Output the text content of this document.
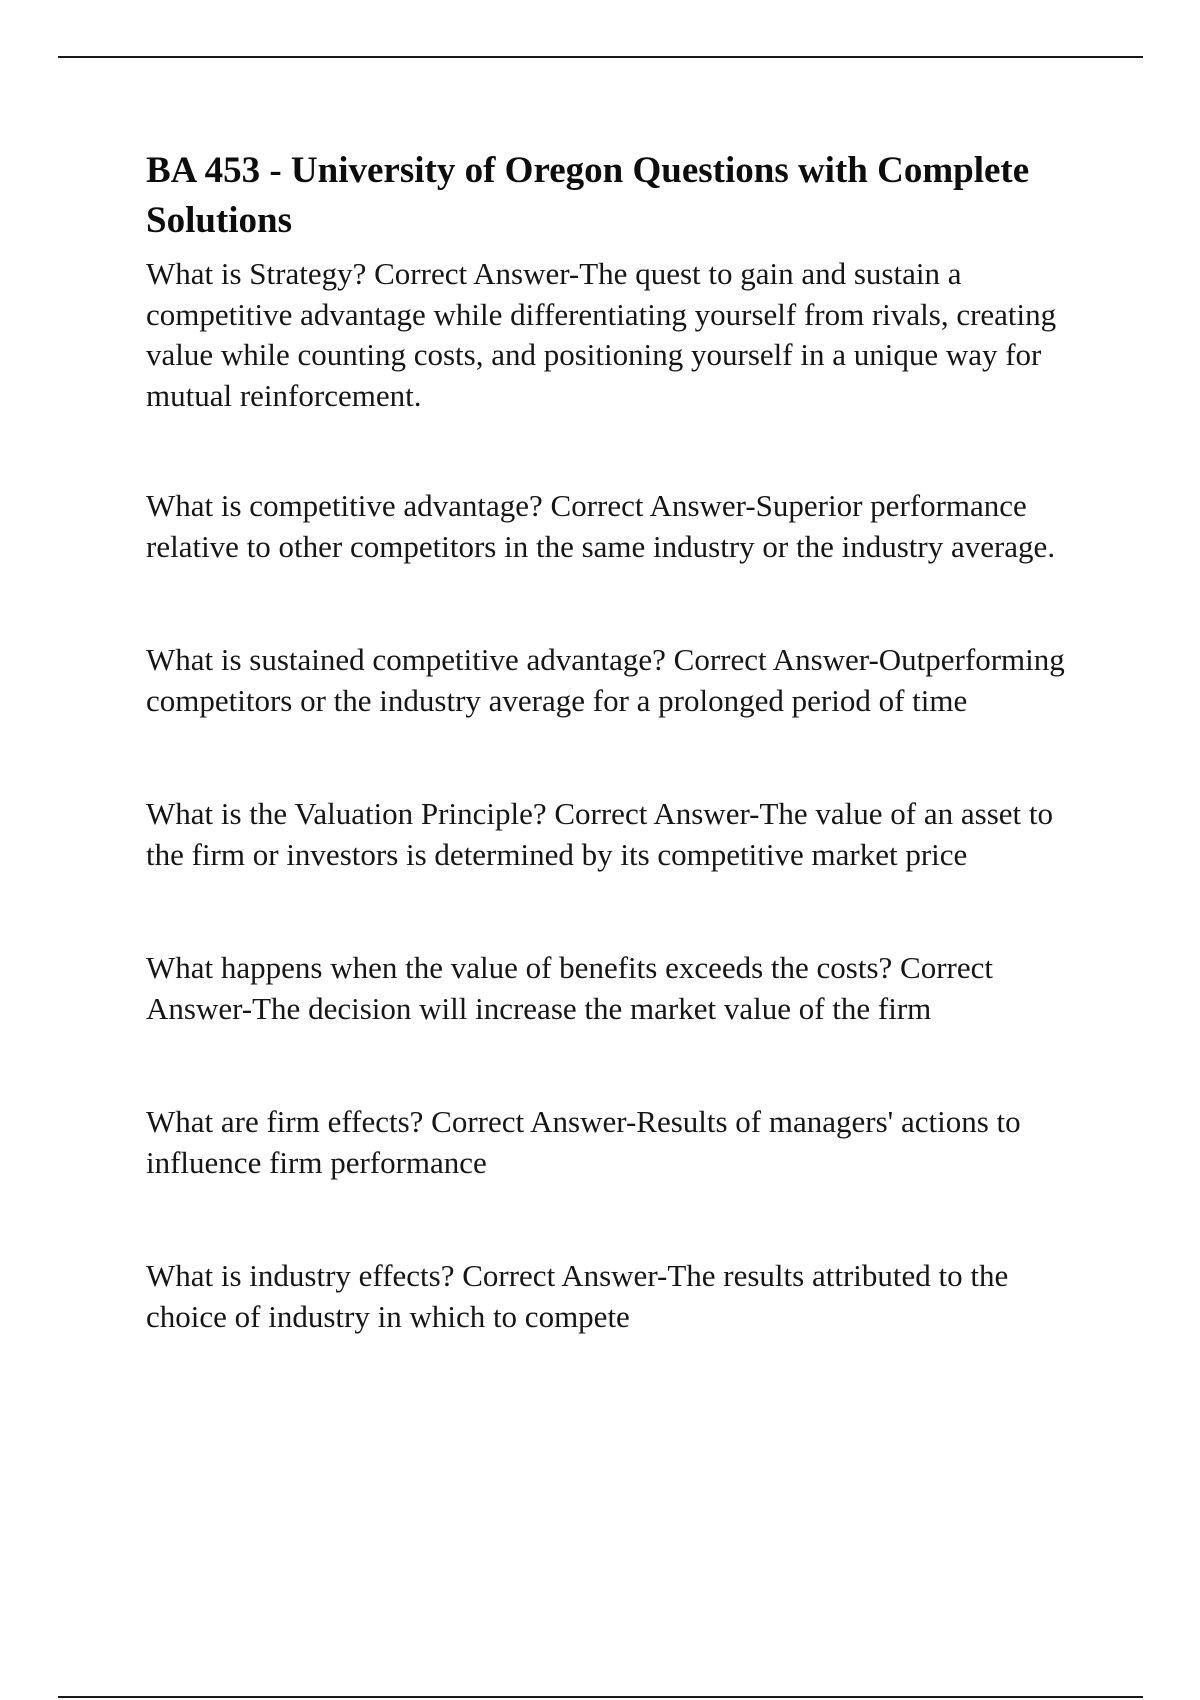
BA 453 - University of Oregon Questions with Complete Solutions

What is Strategy? Correct Answer-The quest to gain and sustain a competitive advantage while differentiating yourself from rivals, creating value while counting costs, and positioning yourself in a unique way for mutual reinforcement.

What is competitive advantage? Correct Answer-Superior performance relative to other competitors in the same industry or the industry average.

What is sustained competitive advantage? Correct Answer-Outperforming competitors or the industry average for a prolonged period of time

What is the Valuation Principle? Correct Answer-The value of an asset to the firm or investors is determined by its competitive market price

What happens when the value of benefits exceeds the costs? Correct Answer-The decision will increase the market value of the firm

What are firm effects? Correct Answer-Results of managers' actions to influence firm performance

What is industry effects? Correct Answer-The results attributed to the choice of industry in which to compete
